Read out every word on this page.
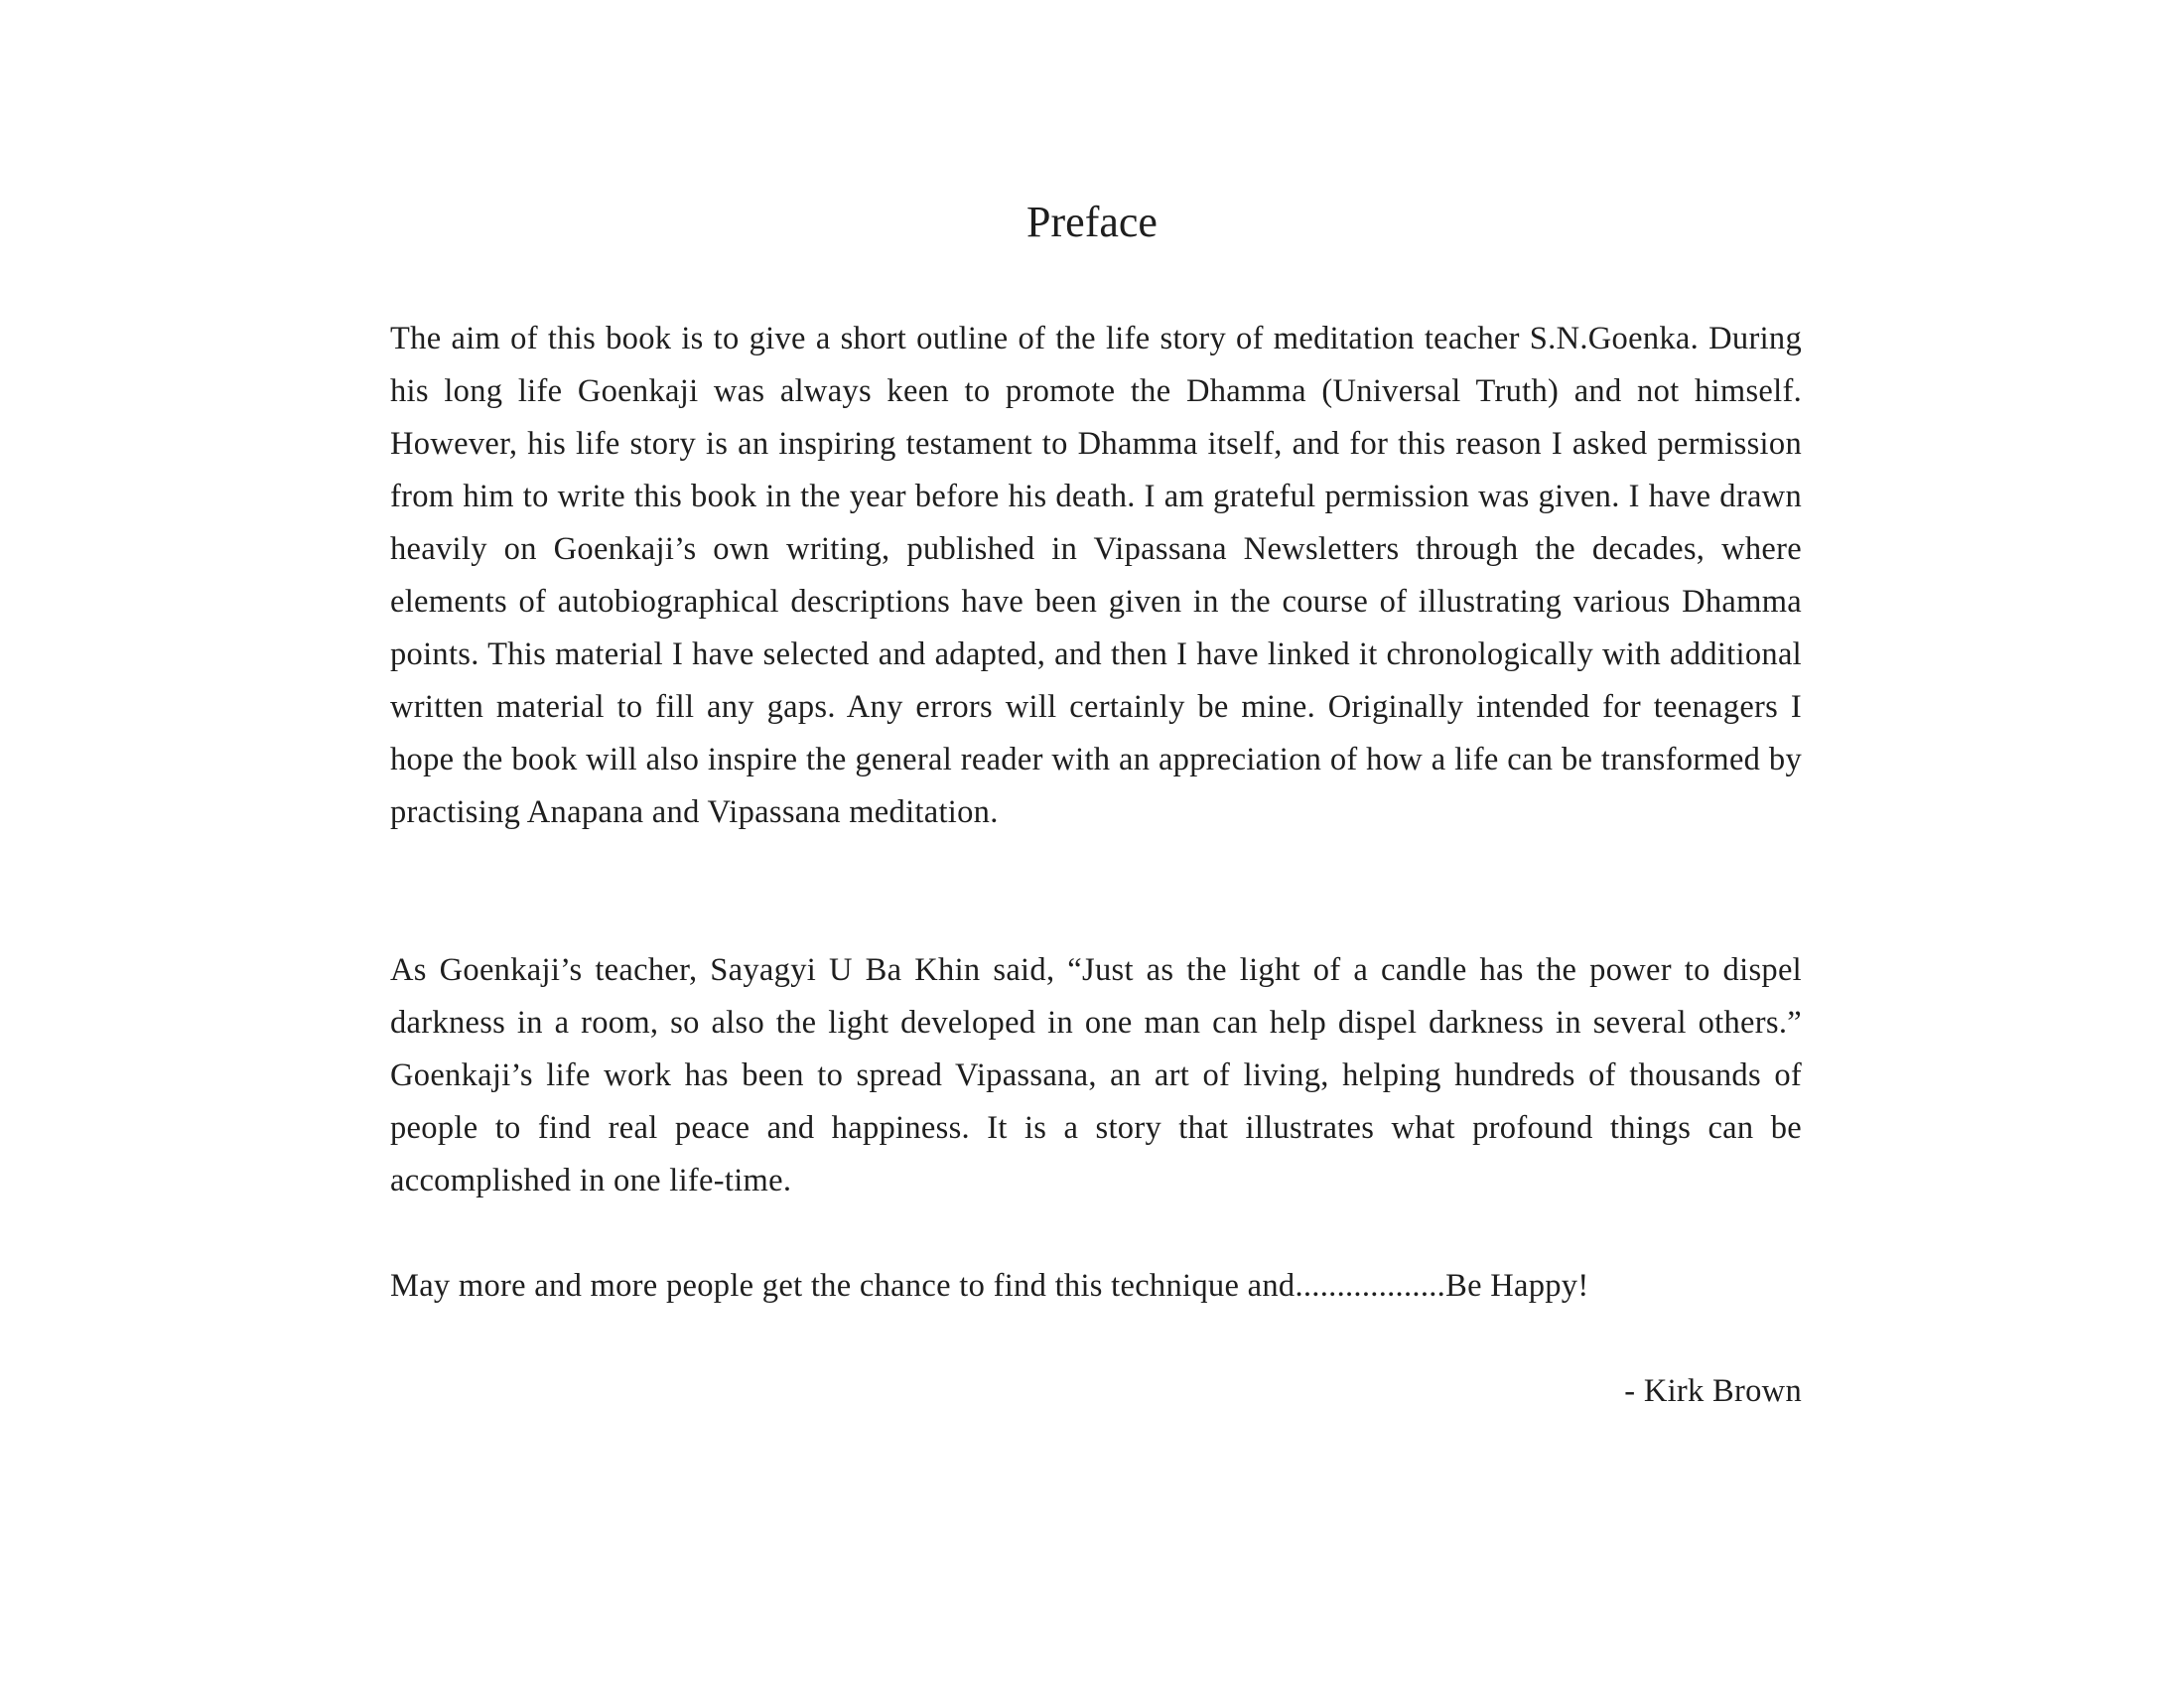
Preface

The aim of this book is to give a short outline of the life story of meditation teacher S.N.Goenka. During his long life Goenkaji was always keen to promote the Dhamma (Universal Truth) and not himself. However, his life story is an inspiring testament to Dhamma itself, and for this reason I asked permission from him to write this book in the year before his death. I am grateful permission was given. I have drawn heavily on Goenkaji’s own writing, published in Vipassana Newsletters through the decades, where elements of autobiographical descriptions have been given in the course of illustrating various Dhamma points. This material I have selected and adapted, and then I have linked it chronologically with additional written material to fill any gaps. Any errors will certainly be mine. Originally intended for teenagers I hope the book will also inspire the general reader with an appreciation of how a life can be transformed by practising Anapana and Vipassana meditation.

As Goenkaji’s teacher, Sayagyi U Ba Khin said, “Just as the light of a candle has the power to dispel darkness in a room, so also the light developed in one man can help dispel darkness in several others.” Goenkaji’s life work has been to spread Vipassana, an art of living, helping hundreds of thousands of people to find real peace and happiness. It is a story that illustrates what profound things can be accomplished in one life-time.

May more and more people get the chance to find this technique and..................Be Happy!

- Kirk Brown
